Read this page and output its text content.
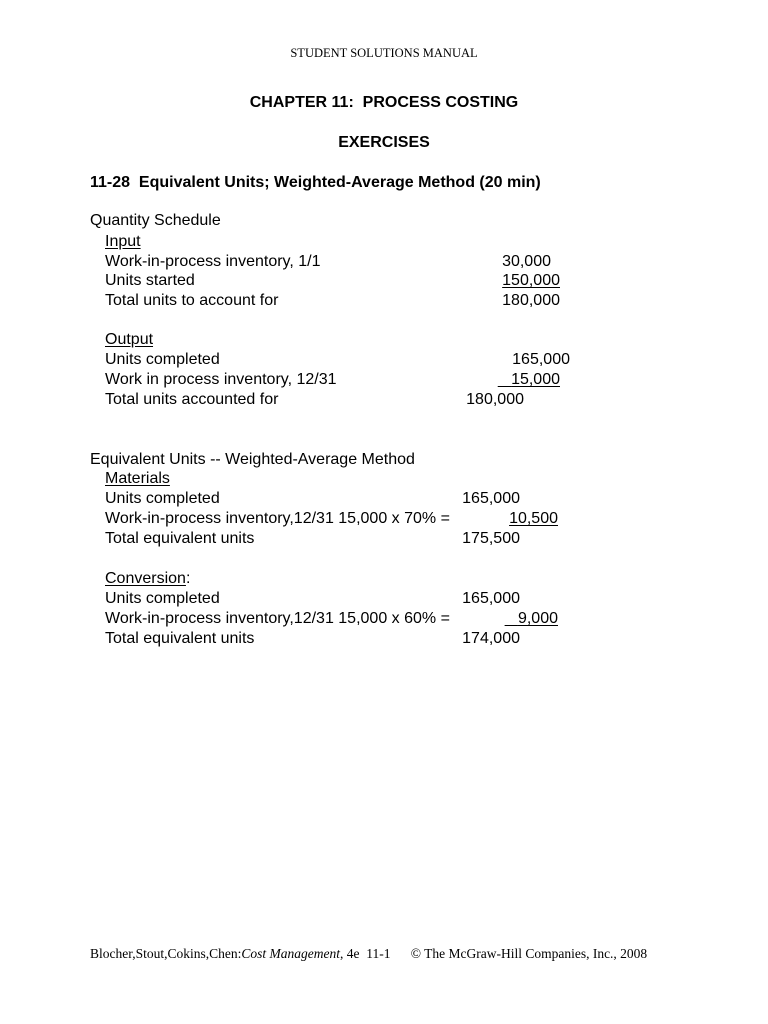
STUDENT SOLUTIONS MANUAL
CHAPTER 11:  PROCESS COSTING
EXERCISES
11-28  Equivalent Units; Weighted-Average Method (20 min)
Quantity Schedule
Input
Work-in-process inventory, 1/1	30,000
Units started	150,000
Total units to account for	180,000
Output
Units completed	165,000
Work in process inventory, 12/31	15,000
Total units accounted for	180,000
Equivalent Units -- Weighted-Average Method
Materials
Units completed	165,000
Work-in-process inventory,12/31 15,000 x 70% =	10,500
Total equivalent units	175,500
Conversion:
Units completed	165,000
Work-in-process inventory,12/31 15,000 x 60% =	9,000
Total equivalent units	174,000
Blocher,Stout,Cokins,Chen:Cost Management, 4e 11-1 © The McGraw-Hill Companies, Inc., 2008
